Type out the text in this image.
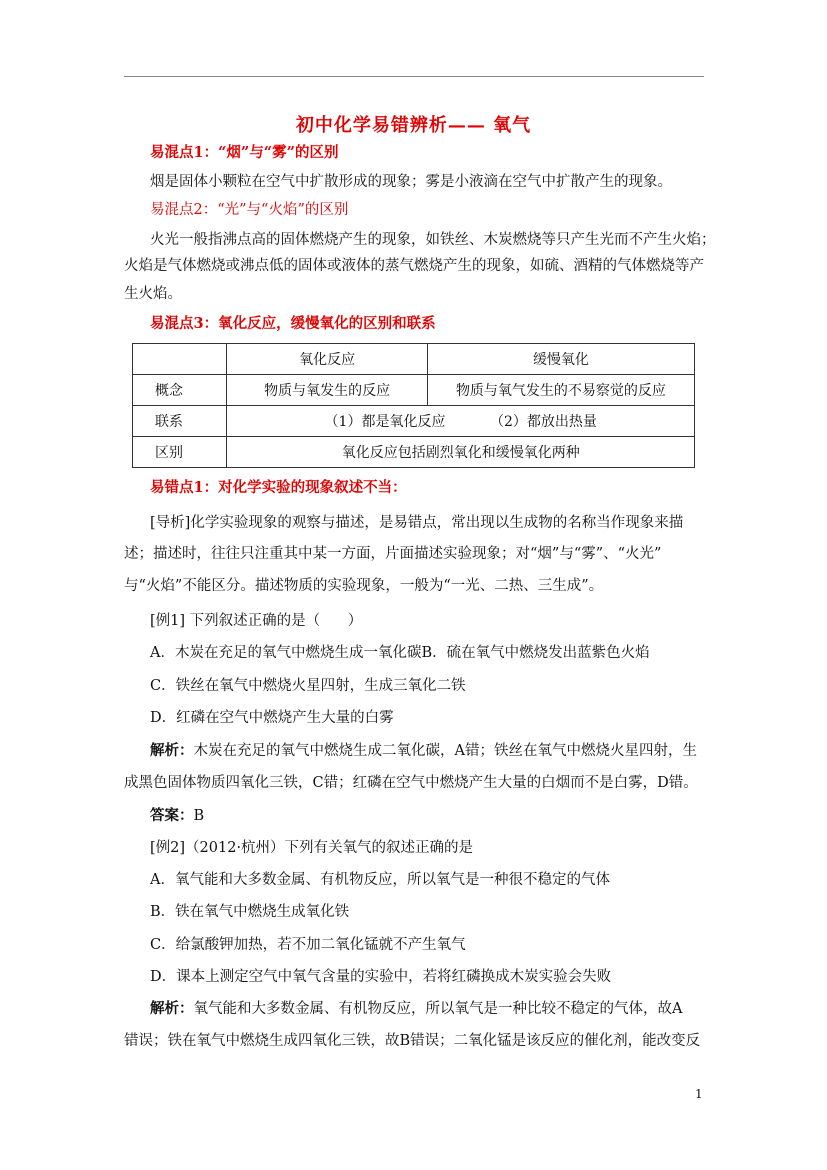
初中化学易错辨析—— 氧气
易混点1：“烟”与“雾”的区别
烟是固体小颗粒在空气中扩散形成的现象；雾是小液滴在空气中扩散产生的现象。
易混点2：“光”与“火焰”的区别
火光一般指沸点高的固体燃烧产生的现象，如铁丝、木炭燃烧等只产生光而不产生火焰；
火焰是气体燃烧或沸点低的固体或液体的蒸气燃烧产生的现象，如硫、酒精的气体燃烧等产
生火焰。
易混点3：氧化反应，缓慢氧化的区别和联系
	氧化反应	缓慢氧化
概念	物质与氧发生的反应	物质与氧气发生的不易察觉的反应
联系	（1）都是氧化反应          （2）都放出热量	
区别	氧化反应包括剧烈氧化和缓慢氧化两种	
易错点1：对化学实验的现象叙述不当：
[导析]化学实验现象的观察与描述，是易错点，常出现以生成物的名称当作现象来描
述；描述时，往往只注重其中某一方面，片面描述实验现象；对“烟”与“雾”、“火光”
与“火焰”不能区分。描述物质的实验现象，一般为“一光、二热、三生成”。
[例1] 下列叙述正确的是（      ）
A．木炭在充足的氧气中燃烧生成一氧化碳B．硫在氧气中燃烧发出蓝紫色火焰
C．铁丝在氧气中燃烧火星四射，生成三氧化二铁
D．红磷在空气中燃烧产生大量的白雾
解析：木炭在充足的氧气中燃烧生成二氧化碳，A错；铁丝在氧气中燃烧火星四射，生
成黑色固体物质四氧化三铁，C错；红磷在空气中燃烧产生大量的白烟而不是白雾，D错。
答案：B
[例2]（2012·杭州）下列有关氧气的叙述正确的是
A．氧气能和大多数金属、有机物反应，所以氧气是一种很不稳定的气体
B．铁在氧气中燃烧生成氧化铁
C．给氯酸钾加热，若不加二氧化锰就不产生氧气
D．课本上测定空气中氧气含量的实验中，若将红磷换成木炭实验会失败
解析：氧气能和大多数金属、有机物反应，所以氧气是一种比较不稳定的气体，故A
错误；铁在氧气中燃烧生成四氧化三铁，故B错误；二氧化锰是该反应的催化剂，能改变反
1
